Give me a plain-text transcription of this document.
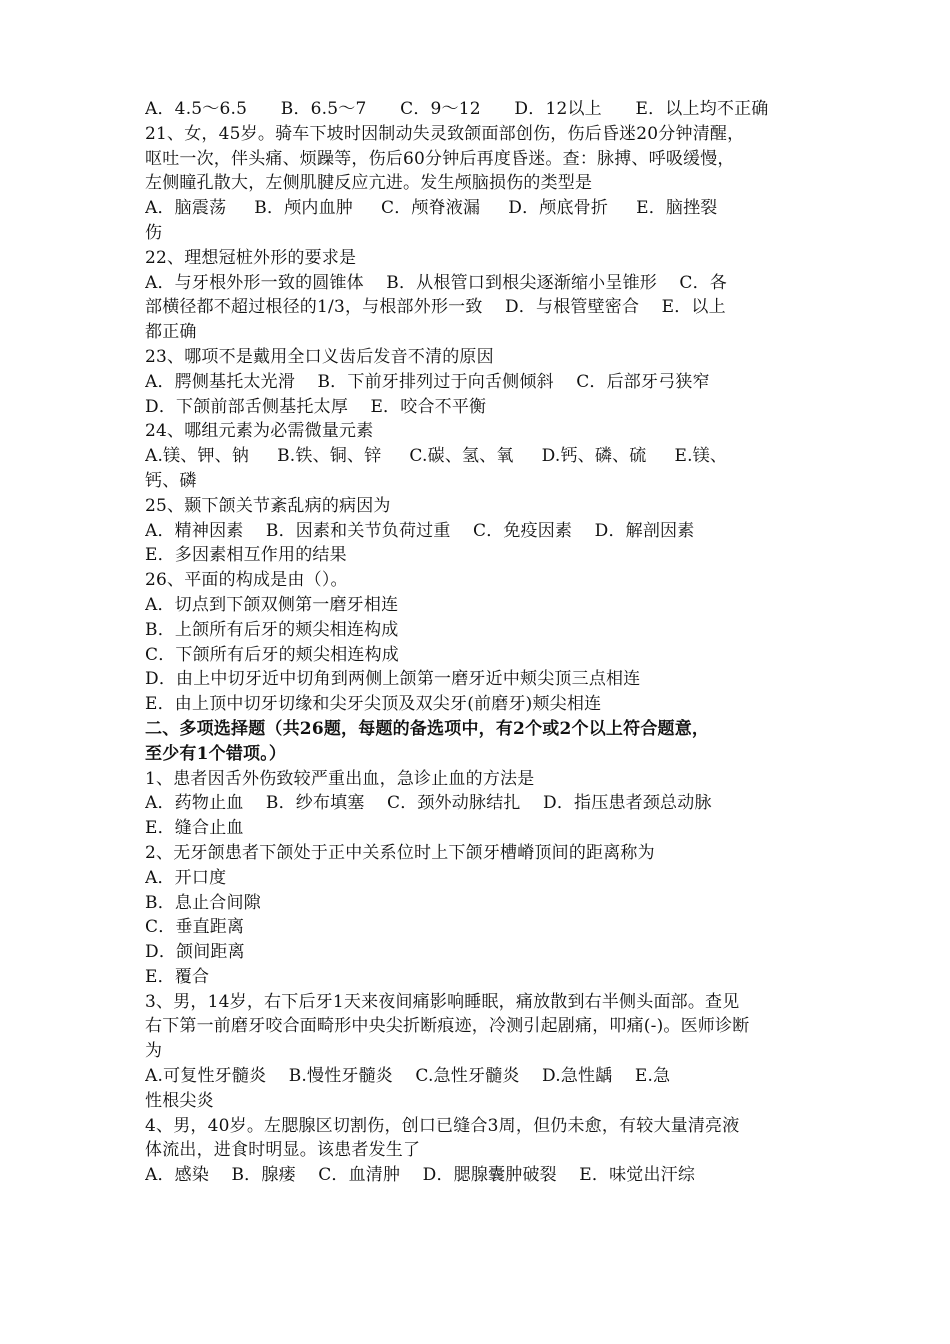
A．4.5～6.5      B．6.5～7      C．9～12      D．12以上      E．以上均不正确
21、女，45岁。骑车下坡时因制动失灵致颌面部创伤，伤后昏迷20分钟清醒，
呕吐一次，伴头痛、烦躁等，伤后60分钟后再度昏迷。查：脉搏、呼吸缓慢，
左侧瞳孔散大，左侧肌腱反应亢进。发生颅脑损伤的类型是
A．脑震荡     B．颅内血肿     C．颅脊液漏     D．颅底骨折     E．脑挫裂
伤
22、理想冠桩外形的要求是
A．与牙根外形一致的圆锥体    B．从根管口到根尖逐渐缩小呈锥形    C．各
部横径都不超过根径的1/3，与根部外形一致    D．与根管壁密合    E．以上
都正确
23、哪项不是戴用全口义齿后发音不清的原因
A．腭侧基托太光滑    B．下前牙排列过于向舌侧倾斜    C．后部牙弓狭窄
D．下颌前部舌侧基托太厚    E．咬合不平衡
24、哪组元素为必需微量元素
A.镁、钾、钠     B.铁、铜、锌     C.碳、氢、氧     D.钙、磷、硫     E.镁、
钙、磷
25、颞下颌关节紊乱病的病因为
A．精神因素    B．因素和关节负荷过重    C．免疫因素    D．解剖因素
E．多因素相互作用的结果
26、平面的构成是由（）。
A．切点到下颌双侧第一磨牙相连
B．上颌所有后牙的颊尖相连构成
C．下颌所有后牙的颊尖相连构成
D．由上中切牙近中切角到两侧上颌第一磨牙近中颊尖顶三点相连
E．由上顶中切牙切缘和尖牙尖顶及双尖牙(前磨牙)颊尖相连
二、多项选择题（共26题，每题的备选项中，有2个或2个以上符合题意，
至少有1个错项。）
1、患者因舌外伤致较严重出血，急诊止血的方法是
A．药物止血    B．纱布填塞    C．颈外动脉结扎    D．指压患者颈总动脉
E．缝合止血
2、无牙颌患者下颌处于正中关系位时上下颌牙槽嵴顶间的距离称为
A．开口度
B．息止合间隙
C．垂直距离
D．颌间距离
E．覆合
3、男，14岁，右下后牙1天来夜间痛影响睡眠，痛放散到右半侧头面部。查见
右下第一前磨牙咬合面畸形中央尖折断痕迹，冷测引起剧痛，叩痛(-)。医师诊断
为
A.可复性牙髓炎    B.慢性牙髓炎    C.急性牙髓炎    D.急性龋    E.急
性根尖炎
4、男，40岁。左腮腺区切割伤，创口已缝合3周，但仍未愈，有较大量清亮液
体流出，进食时明显。该患者发生了
A．感染    B．腺瘘    C．血清肿    D．腮腺囊肿破裂    E．味觉出汗综
